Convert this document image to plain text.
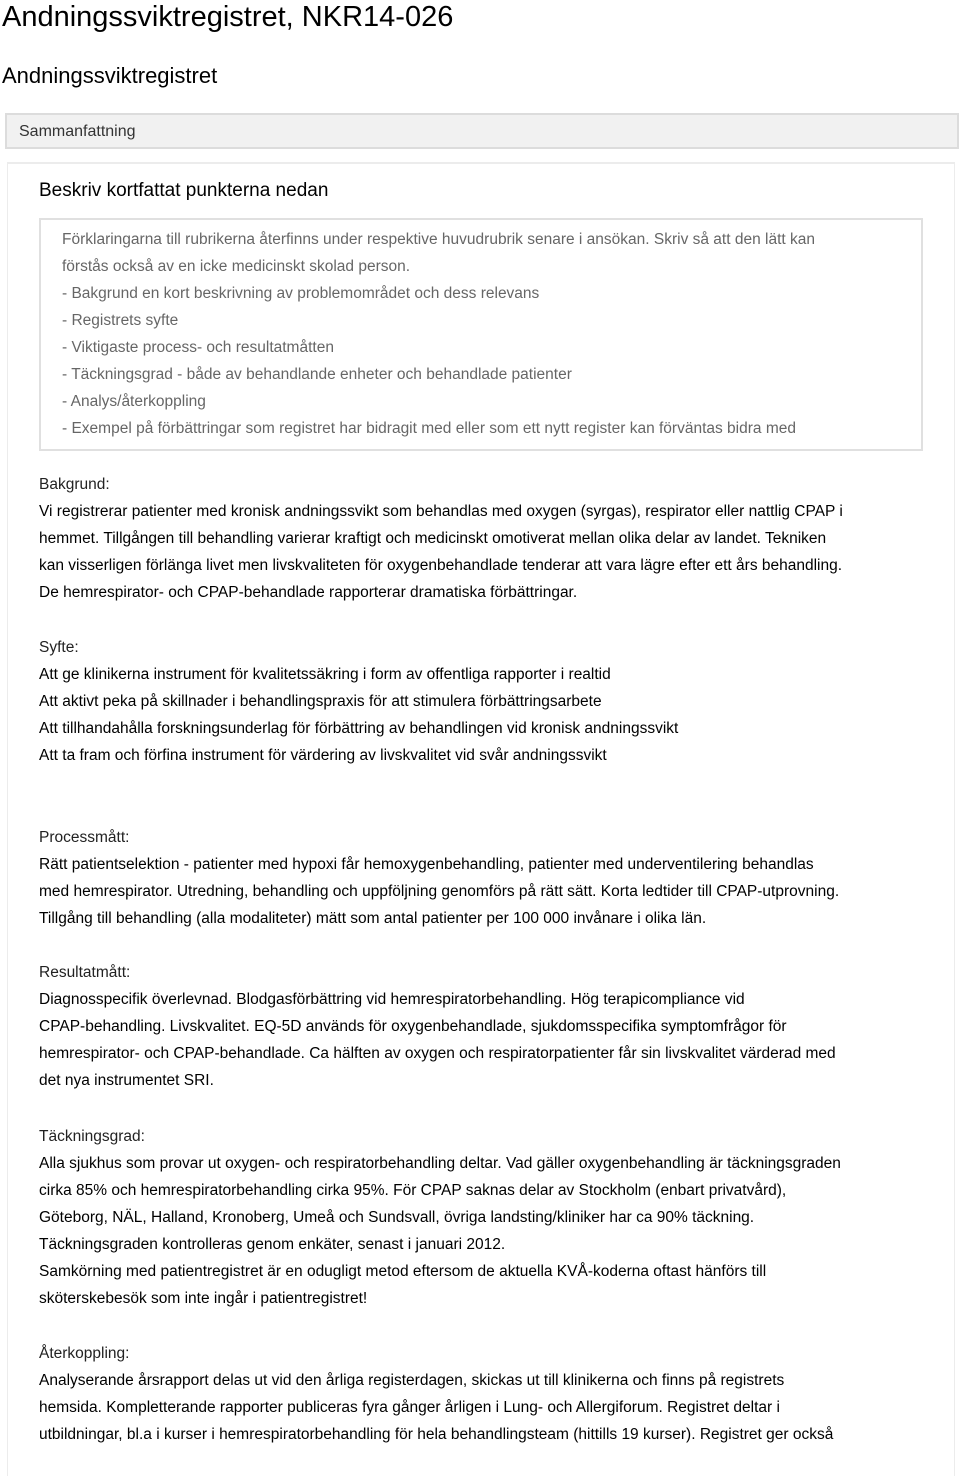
Andningssviktregistret, NKR14-026
Andningssviktregistret
Sammanfattning
Beskriv kortfattat punkterna nedan
Förklaringarna till rubrikerna återfinns under respektive huvudrubrik senare i ansökan. Skriv så att den lätt kan
förstås också av en icke medicinskt skolad person.
- Bakgrund en kort beskrivning av problemområdet och dess relevans
- Registrets syfte
- Viktigaste process- och resultatmåtten
- Täckningsgrad - både av behandlande enheter och behandlade patienter
- Analys/återkoppling
- Exempel på förbättringar som registret har bidragit med eller som ett nytt register kan förväntas bidra med
Bakgrund:
Vi registrerar patienter med kronisk andningssvikt som behandlas med oxygen (syrgas), respirator eller nattlig CPAP i
hemmet. Tillgången till behandling varierar kraftigt och medicinskt omotiverat mellan olika delar av landet. Tekniken
kan visserligen förlänga livet men livskvaliteten för oxygenbehandlade tenderar att vara lägre efter ett års behandling.
De hemrespirator- och CPAP-behandlade rapporterar dramatiska förbättringar.
Syfte:
Att ge klinikerna instrument för kvalitetssäkring i form av offentliga rapporter i realtid
Att aktivt peka på skillnader i behandlingspraxis för att stimulera förbättringsarbete
Att tillhandahålla forskningsunderlag för förbättring av behandlingen vid kronisk andningssvikt
Att ta fram och förfina instrument för värdering av livskvalitet vid svår andningssvikt
Processmått:
Rätt patientselektion - patienter med hypoxi får hemoxygenbehandling, patienter med underventilering behandlas
med hemrespirator. Utredning, behandling och uppföljning genomförs på rätt sätt. Korta ledtider till CPAP-utprovning.
Tillgång till behandling (alla modaliteter) mätt som antal patienter per 100 000 invånare i olika län.
Resultatmått:
Diagnosspecifik överlevnad. Blodgasförbättring vid hemrespiratorbehandling. Hög terapicompliance vid
CPAP-behandling. Livskvalitet. EQ-5D används för oxygenbehandlade, sjukdomsspecifika symptomfrågor för
hemrespirator- och CPAP-behandlade. Ca hälften av oxygen och respiratorpatienter får sin livskvalitet värderad med
det nya instrumentet SRI.
Täckningsgrad:
Alla sjukhus som provar ut oxygen- och respiratorbehandling deltar. Vad gäller oxygenbehandling är täckningsgraden
cirka 85% och hemrespiratorbehandling cirka 95%. För CPAP saknas delar av Stockholm (enbart privatvård),
Göteborg, NÄL, Halland, Kronoberg, Umeå och Sundsvall, övriga landsting/kliniker har ca 90% täckning.
Täckningsgraden kontrolleras genom enkäter, senast i januari 2012.
Samkörning med patientregistret är en odugligt metod eftersom de aktuella KVÅ-koderna oftast hänförs till
sköterskebesök som inte ingår i patientregistret!
Återkoppling:
Analyserande årsrapport delas ut vid den årliga registerdagen, skickas ut till klinikerna och finns på registrets
hemsida. Kompletterande rapporter publiceras fyra gånger årligen i Lung- och Allergiforum. Registret deltar i
utbildningar, bl.a i kurser i hemrespiratorbehandling för hela behandlingsteam (hittills 19 kurser). Registret ger också
